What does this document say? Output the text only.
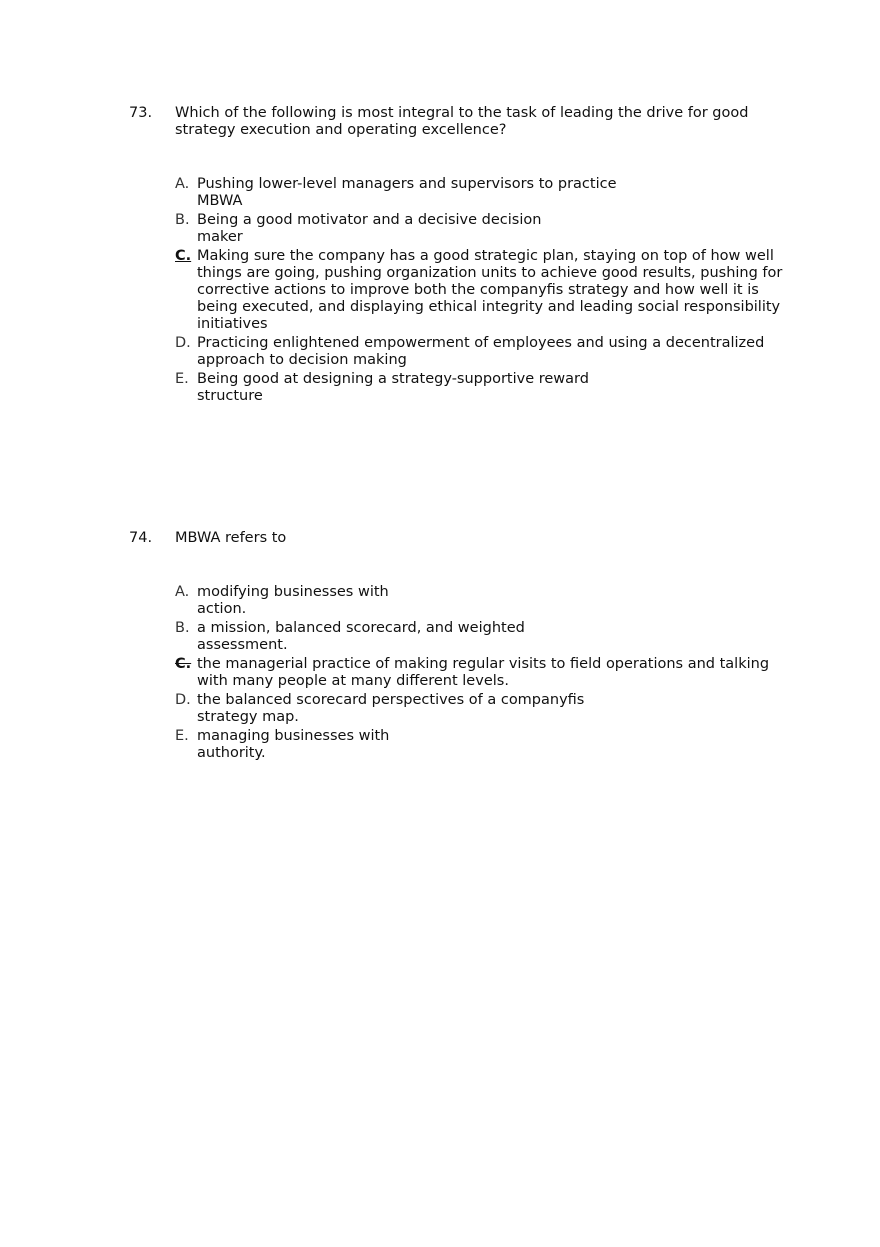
73. Which of the following is most integral to the task of leading the drive for good strategy execution and operating excellence?
A. Pushing lower-level managers and supervisors to practice
MBWA
B. Being a good motivator and a decisive decision
maker
C. Making sure the company has a good strategic plan, staying on top of how well things are going, pushing organization units to achieve good results, pushing for corrective actions to improve both the companyfis strategy and how well it is being executed, and displaying ethical integrity and leading social responsibility initiatives
D. Practicing enlightened empowerment of employees and using a decentralized approach to decision making
E. Being good at designing a strategy-supportive reward
structure
74. MBWA refers to
A. modifying businesses with
action.
B. a mission, balanced scorecard, and weighted
assessment.
C. the managerial practice of making regular visits to field operations and talking with many people at many different levels.
D. the balanced scorecard perspectives of a companyfis
strategy map.
E. managing businesses with
authority.
